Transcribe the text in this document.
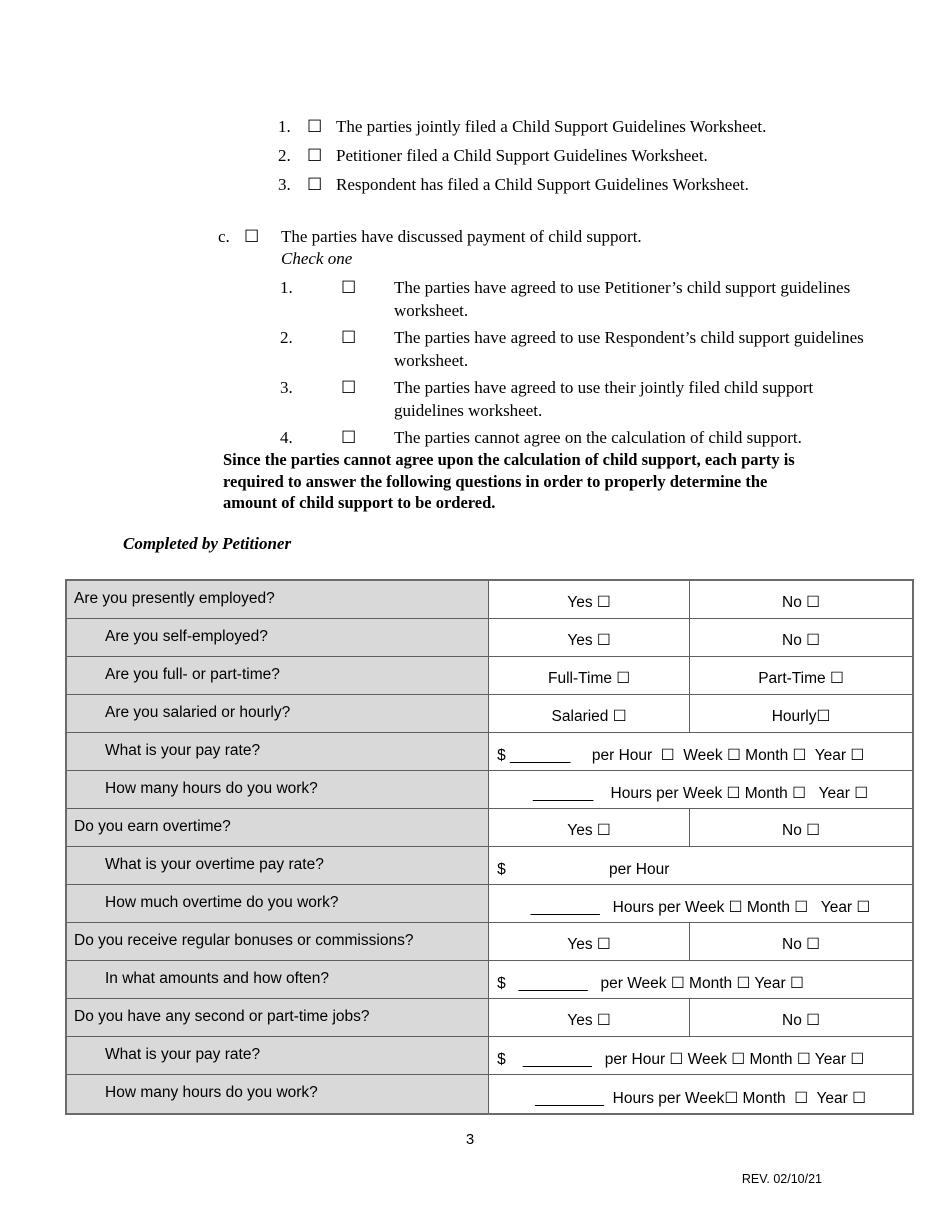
1. ☐ The parties jointly filed a Child Support Guidelines Worksheet.
2. ☐ Petitioner filed a Child Support Guidelines Worksheet.
3. ☐ Respondent has filed a Child Support Guidelines Worksheet.
c. ☐ The parties have discussed payment of child support.
Check one
1.	☐	The parties have agreed to use Petitioner’s child support guidelines worksheet.
2.	☐	The parties have agreed to use Respondent’s child support guidelines worksheet.
3.	☐	The parties have agreed to use their jointly filed child support guidelines worksheet.
4.	☐	The parties cannot agree on the calculation of child support.
Since the parties cannot agree upon the calculation of child support, each party is required to answer the following questions in order to properly determine the amount of child support to be ordered.
Completed by Petitioner
Are you presently employed?	Yes ☐	No ☐
Are you self-employed?	Yes ☐	No ☐
Are you full- or part-time?	Full-Time ☐	Part-Time ☐
Are you salaried or hourly?	Salaried ☐	Hourly☐
What is your pay rate?	$ _______     per Hour  ☐  Week ☐ Month ☐  Year ☐
How many hours do you work?	_______    Hours per Week ☐ Month ☐   Year ☐
Do you earn overtime?	Yes ☐	No ☐
What is your overtime pay rate?	$                        per Hour
How much overtime do you work?	________   Hours per Week ☐ Month ☐   Year ☐
Do you receive regular bonuses or commissions?	Yes ☐	No ☐
In what amounts and how often?	$   ________   per Week ☐ Month ☐ Year ☐
Do you have any second or part-time jobs?	Yes ☐	No ☐
What is your pay rate?	$    ________   per Hour ☐ Week ☐ Month ☐ Year ☐
How many hours do you work?	________  Hours per Week☐ Month  ☐  Year ☐
3
REV. 02/10/21
